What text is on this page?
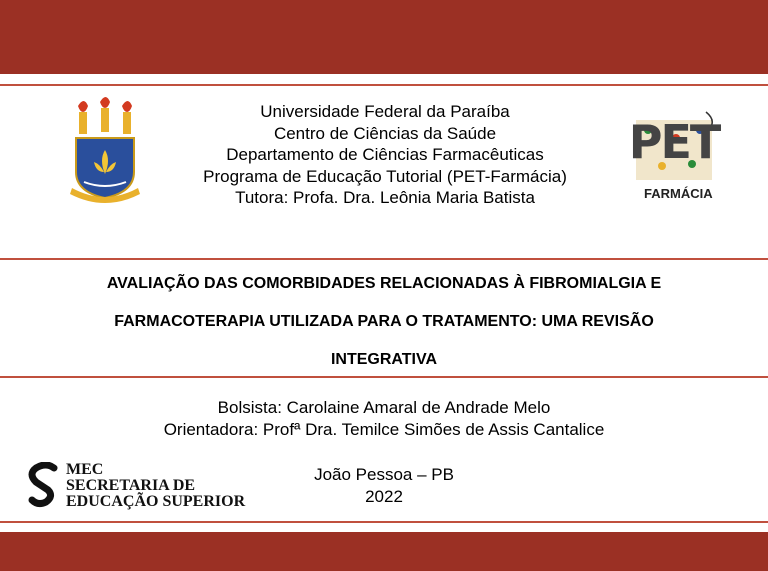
Universidade Federal da Paraíba
Centro de Ciências da Saúde
Departamento de Ciências Farmacêuticas
Programa de Educação Tutorial (PET-Farmácia)
Tutora: Profa. Dra. Leônia Maria Batista
PET
FARMÁCIA
AVALIAÇÃO DAS COMORBIDADES RELACIONADAS À FIBROMIALGIA E
FARMACOTERAPIA UTILIZADA PARA O TRATAMENTO: UMA REVISÃO
INTEGRATIVA
Bolsista: Carolaine Amaral de Andrade Melo
Orientadora: Profª Dra. Temilce Simões de Assis Cantalice
João Pessoa – PB
2022
MEC
SECRETARIA DE
EDUCAÇÃO SUPERIOR
